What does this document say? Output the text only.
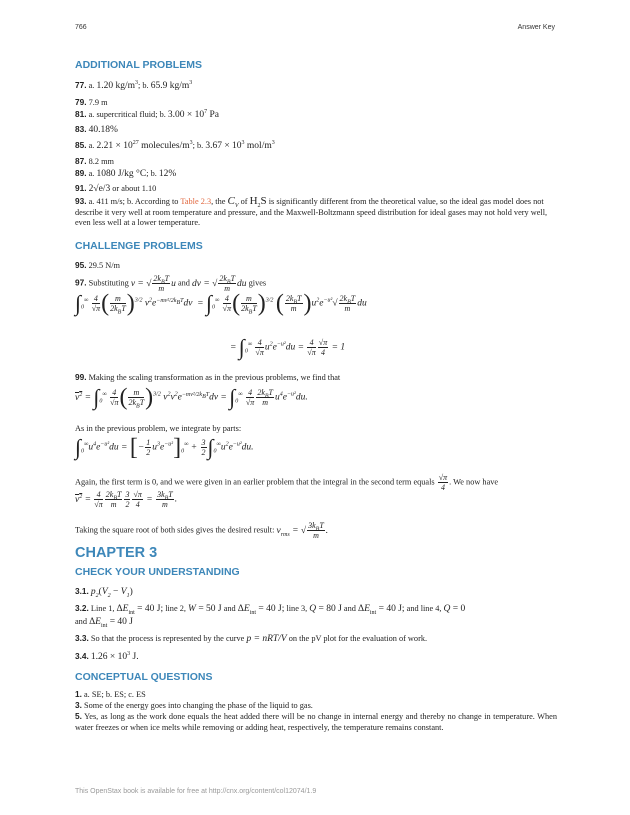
766	Answer Key
ADDITIONAL PROBLEMS
77. a. 1.20 $kg/m^3$; b. 65.9 $kg/m^3$
79. 7.9 m
81. a. supercritical fluid; b. $3.00 \times 10^7$ Pa
83. 40.18%
85. a. $2.21 \times 10^{27}$ molecules/$m^3$; b. $3.67 \times 10^3$ mol/$m^3$
87. 8.2 mm
89. a. 1080 J/kg °C; b. 12%
91. 2√e/3 or about 1.10
93. a. 411 m/s; b. According to Table 2.3, the $C_V$ of $H_2S$ is significantly different from the theoretical value, so the ideal gas model does not describe it very well at room temperature and pressure, and the Maxwell-Boltzmann speed distribution for ideal gases may not hold very well, even less well at a lower temperature.
CHALLENGE PROBLEMS
95. 29.5 N/m
97. Substituting v = √ $\frac{2k_BT}{m}$ u and dv = √ $\frac{2k_BT}{m}$ du gives
$\int_0^\infty \frac{4}{√\pi}$ ( $\frac{m}{2k_BT} )^{3/2}$ $v^2e^{-mv^2/2k_BT}dv = \int_0^\infty \frac{4}{√\pi}$ ( $\frac{m}{2k_BT} )^{3/2}$ ( $\frac{2k_BT}{m} )u^2e^{-u^2}√ \frac{2k_BT}{m}$ du
= $\int_0^\infty \frac{4}{√\pi} u^2e^{-u^2}du = \frac{4}{√\pi} \frac{√\pi}{4} = 1$
99. Making the scaling transformation as in the previous problems, we find that
$v^2 = \int_0^\infty \frac{4}{√\pi}$ ( $\frac{m}{2k_BT} )^{3/2}$ $v^2v^2e^{-mv^2/2k_BT}dv = \int_0^\infty \frac{4}{√\pi} \frac{2k_BT}{m} u^4e^{-u^2}du$.
As in the previous problem, we integrate by parts:
$\int_0^\infty u^4e^{-u^2}du$ = [− $\frac{1}{2} u^3e^{-u^2}]_0^\infty + \frac{3}{2} \int_0^\infty u^2e^{-u^2}du$.
Again, the first term is 0, and we were given in an earlier problem that the integral in the second term equals $\frac{√\pi}{4}$ . We now have
$v^2 = \frac{4}{√\pi} \frac{2k_BT}{m} \frac{3}{2} \frac{√\pi}{4} = \frac{3k_BT}{m}$ .
Taking the square root of both sides gives the desired result: $v_{rms}$ = √ $\frac{3k_BT}{m}$ .
CHAPTER 3
CHECK YOUR UNDERSTANDING
3.1. $p_2(V_2 - V_1)$
3.2. Line 1, $\Delta E_{int} = 40$ J; line 2, W = 50 J and $\Delta E_{int} = 40$ J; line 3, Q = 80 J and $\Delta E_{int} = 40$ J; and line 4, Q = 0
and $\Delta E_{int} = 40$ J
3.3. So that the process is represented by the curve p = nRT/V on the pV plot for the evaluation of work.
3.4. $1.26 \times 10^3$ J.
CONCEPTUAL QUESTIONS
1. a. SE; b. ES; c. ES
3. Some of the energy goes into changing the phase of the liquid to gas.
5. Yes, as long as the work done equals the heat added there will be no change in internal energy and thereby no change in temperature. When water freezes or when ice melts while removing or adding heat, respectively, the temperature remains constant.
This OpenStax book is available for free at http://cnx.org/content/col12074/1.9
